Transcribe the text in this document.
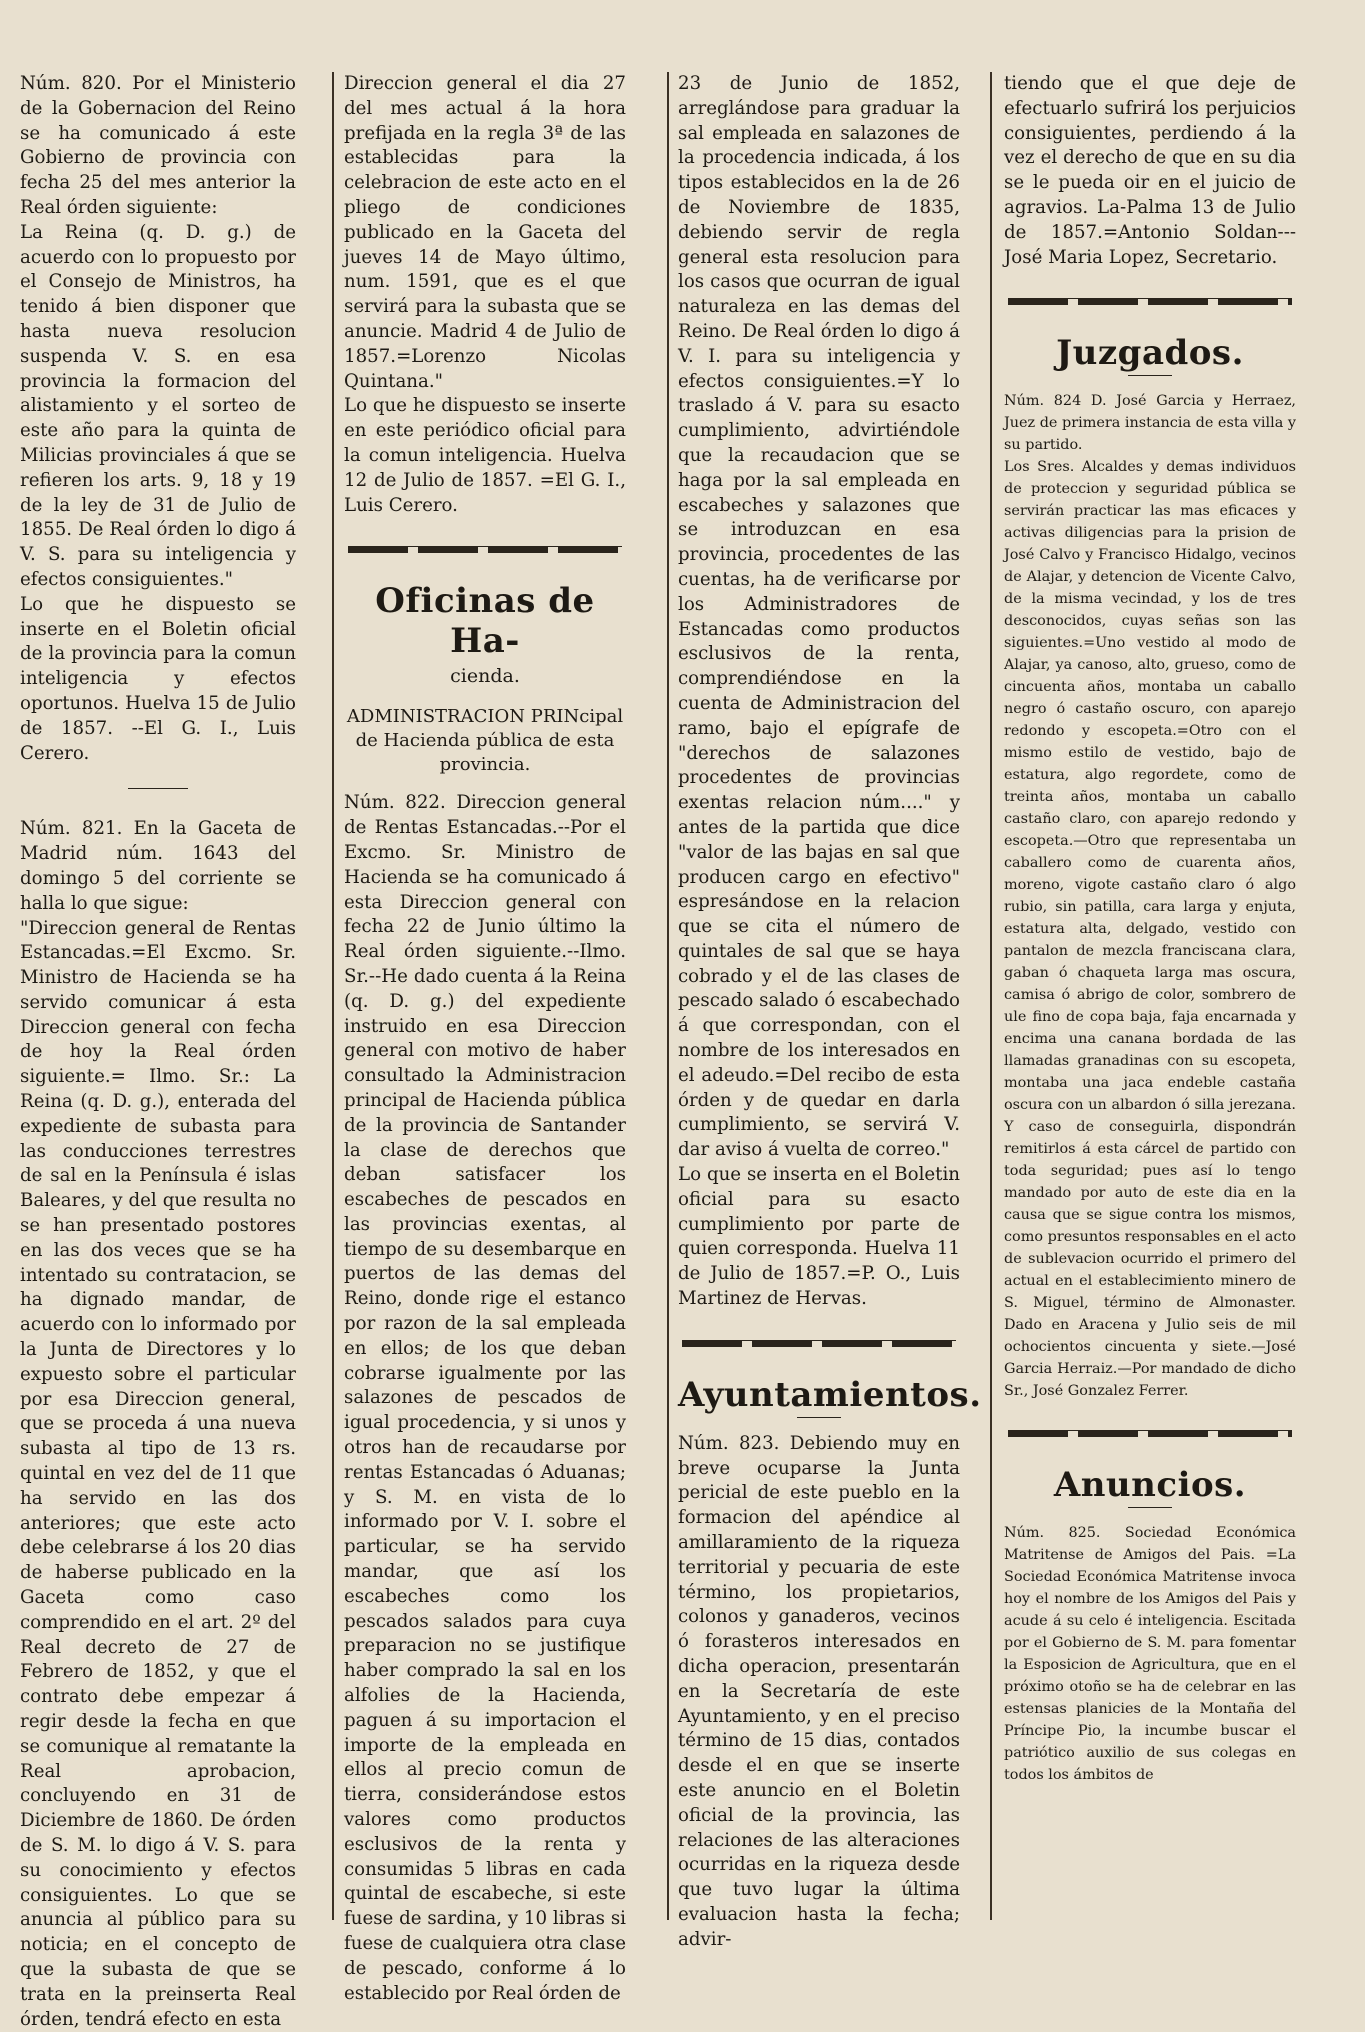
Núm. 820. Por el Ministerio de la Gobernacion del Reino se ha comunicado á este Gobierno de provincia con fecha 25 del mes anterior la Real órden siguiente:

La Reina (q. D. g.) de acuerdo con lo propuesto por el Consejo de Ministros, ha tenido á bien disponer que hasta nueva resolucion suspenda V. S. en esa provincia la formacion del alistamiento y el sorteo de este año para la quinta de Milicias provinciales á que se refieren los arts. 9, 18 y 19 de la ley de 31 de Julio de 1855. De Real órden lo digo á V. S. para su inteligencia y efectos consiguientes."

Lo que he dispuesto se inserte en el Boletin oficial de la provincia para la comun inteligencia y efectos oportunos. Huelva 15 de Julio de 1857. --El G. I., Luis Cerero.

Núm. 821. En la Gaceta de Madrid núm. 1643 del domingo 5 del corriente se halla lo que sigue:

"Direccion general de Rentas Estancadas.=El Excmo. Sr. Ministro de Hacienda se ha servido comunicar á esta Direccion general con fecha de hoy la Real órden siguiente.= Ilmo. Sr.: La Reina (q. D. g.), enterada del expediente de subasta para las conducciones terrestres de sal en la Península é islas Baleares, y del que resulta no se han presentado postores en las dos veces que se ha intentado su contratacion, se ha dignado mandar, de acuerdo con lo informado por la Junta de Directores y lo expuesto sobre el particular por esa Direccion general, que se proceda á una nueva subasta al tipo de 13 rs. quintal en vez del de 11 que ha servido en las dos anteriores; que este acto debe celebrarse á los 20 dias de haberse publicado en la Gaceta como caso comprendido en el art. 2º del Real decreto de 27 de Febrero de 1852, y que el contrato debe empezar á regir desde la fecha en que se comunique al rematante la Real aprobacion, concluyendo en 31 de Diciembre de 1860. De órden de S. M. lo digo á V. S. para su conocimiento y efectos consiguientes. Lo que se anuncia al público para su noticia; en el concepto de que la subasta de que se trata en la preinserta Real órden, tendrá efecto en esta

Direccion general el dia 27 del mes actual á la hora prefijada en la regla 3ª de las establecidas para la celebracion de este acto en el pliego de condiciones publicado en la Gaceta del jueves 14 de Mayo último, num. 1591, que es el que servirá para la subasta que se anuncie. Madrid 4 de Julio de 1857.=Lorenzo Nicolas Quintana."

Lo que he dispuesto se inserte en este periódico oficial para la comun inteligencia. Huelva 12 de Julio de 1857. =El G. I., Luis Cerero.

Oficinas de Ha-
cienda.
ADMINISTRACION PRINcipal de Hacienda pública de esta provincia.

Núm. 822. Direccion general de Rentas Estancadas.--Por el Excmo. Sr. Ministro de Hacienda se ha comunicado á esta Direccion general con fecha 22 de Junio último la Real órden siguiente.--Ilmo. Sr.--He dado cuenta á la Reina (q. D. g.) del expediente instruido en esa Direccion general con motivo de haber consultado la Administracion principal de Hacienda pública de la provincia de Santander la clase de derechos que deban satisfacer los escabeches de pescados en las provincias exentas, al tiempo de su desembarque en puertos de las demas del Reino, donde rige el estanco por razon de la sal empleada en ellos; de los que deban cobrarse igualmente por las salazones de pescados de igual procedencia, y si unos y otros han de recaudarse por rentas Estancadas ó Aduanas; y S. M. en vista de lo informado por V. I. sobre el particular, se ha servido mandar, que así los escabeches como los pescados salados para cuya preparacion no se justifique haber comprado la sal en los alfolies de la Hacienda, paguen á su importacion el importe de la empleada en ellos al precio comun de tierra, considerándose estos valores como productos esclusivos de la renta y consumidas 5 libras en cada quintal de escabeche, si este fuese de sardina, y 10 libras si fuese de cualquiera otra clase de pescado, conforme á lo establecido por Real órden de

23 de Junio de 1852, arreglándose para graduar la sal empleada en salazones de la procedencia indicada, á los tipos establecidos en la de 26 de Noviembre de 1835, debiendo servir de regla general esta resolucion para los casos que ocurran de igual naturaleza en las demas del Reino. De Real órden lo digo á V. I. para su inteligencia y efectos consiguientes.=Y lo traslado á V. para su esacto cumplimiento, advirtiéndole que la recaudacion que se haga por la sal empleada en escabeches y salazones que se introduzcan en esa provincia, procedentes de las cuentas, ha de verificarse por los Administradores de Estancadas como productos esclusivos de la renta, comprendiéndose en la cuenta de Administracion del ramo, bajo el epígrafe de "derechos de salazones procedentes de provincias exentas relacion núm...." y antes de la partida que dice "valor de las bajas en sal que producen cargo en efectivo" espresándose en la relacion que se cita el número de quintales de sal que se haya cobrado y el de las clases de pescado salado ó escabechado á que correspondan, con el nombre de los interesados en el adeudo.=Del recibo de esta órden y de quedar en darla cumplimiento, se servirá V. dar aviso á vuelta de correo."

Lo que se inserta en el Boletin oficial para su esacto cumplimiento por parte de quien corresponda. Huelva 11 de Julio de 1857.=P. O., Luis Martinez de Hervas.

Ayuntamientos.

Núm. 823. Debiendo muy en breve ocuparse la Junta pericial de este pueblo en la formacion del apéndice al amillaramiento de la riqueza territorial y pecuaria de este término, los propietarios, colonos y ganaderos, vecinos ó forasteros interesados en dicha operacion, presentarán en la Secretaría de este Ayuntamiento, y en el preciso término de 15 dias, contados desde el en que se inserte este anuncio en el Boletin oficial de la provincia, las relaciones de las alteraciones ocurridas en la riqueza desde que tuvo lugar la última evaluacion hasta la fecha; advir-

tiendo que el que deje de efectuarlo sufrirá los perjuicios consiguientes, perdiendo á la vez el derecho de que en su dia se le pueda oir en el juicio de agravios. La-Palma 13 de Julio de 1857.=Antonio Soldan---José Maria Lopez, Secretario.

Juzgados.

Núm. 824 D. José Garcia y Herraez, Juez de primera instancia de esta villa y su partido.

Los Sres. Alcaldes y demas individuos de proteccion y seguridad pública se servirán practicar las mas eficaces y activas diligencias para la prision de José Calvo y Francisco Hidalgo, vecinos de Alajar, y detencion de Vicente Calvo, de la misma vecindad, y los de tres desconocidos, cuyas señas son las siguientes.=Uno vestido al modo de Alajar, ya canoso, alto, grueso, como de cincuenta años, montaba un caballo negro ó castaño oscuro, con aparejo redondo y escopeta.=Otro con el mismo estilo de vestido, bajo de estatura, algo regordete, como de treinta años, montaba un caballo castaño claro, con aparejo redondo y escopeta.—Otro que representaba un caballero como de cuarenta años, moreno, vigote castaño claro ó algo rubio, sin patilla, cara larga y enjuta, estatura alta, delgado, vestido con pantalon de mezcla franciscana clara, gaban ó chaqueta larga mas oscura, camisa ó abrigo de color, sombrero de ule fino de copa baja, faja encarnada y encima una canana bordada de las llamadas granadinas con su escopeta, montaba una jaca endeble castaña oscura con un albardon ó silla jerezana. Y caso de conseguirla, dispondrán remitirlos á esta cárcel de partido con toda seguridad; pues así lo tengo mandado por auto de este dia en la causa que se sigue contra los mismos, como presuntos responsables en el acto de sublevacion ocurrido el primero del actual en el establecimiento minero de S. Miguel, término de Almonaster. Dado en Aracena y Julio seis de mil ochocientos cincuenta y siete.—José Garcia Herraiz.—Por mandado de dicho Sr., José Gonzalez Ferrer.

Anuncios.

Núm. 825. Sociedad Económica Matritense de Amigos del Pais. =La Sociedad Económica Matritense invoca hoy el nombre de los Amigos del Pais y acude á su celo é inteligencia. Escitada por el Gobierno de S. M. para fomentar la Esposicion de Agricultura, que en el próximo otoño se ha de celebrar en las estensas planicies de la Montaña del Príncipe Pio, la incumbe buscar el patriótico auxilio de sus colegas en todos los ámbitos de
